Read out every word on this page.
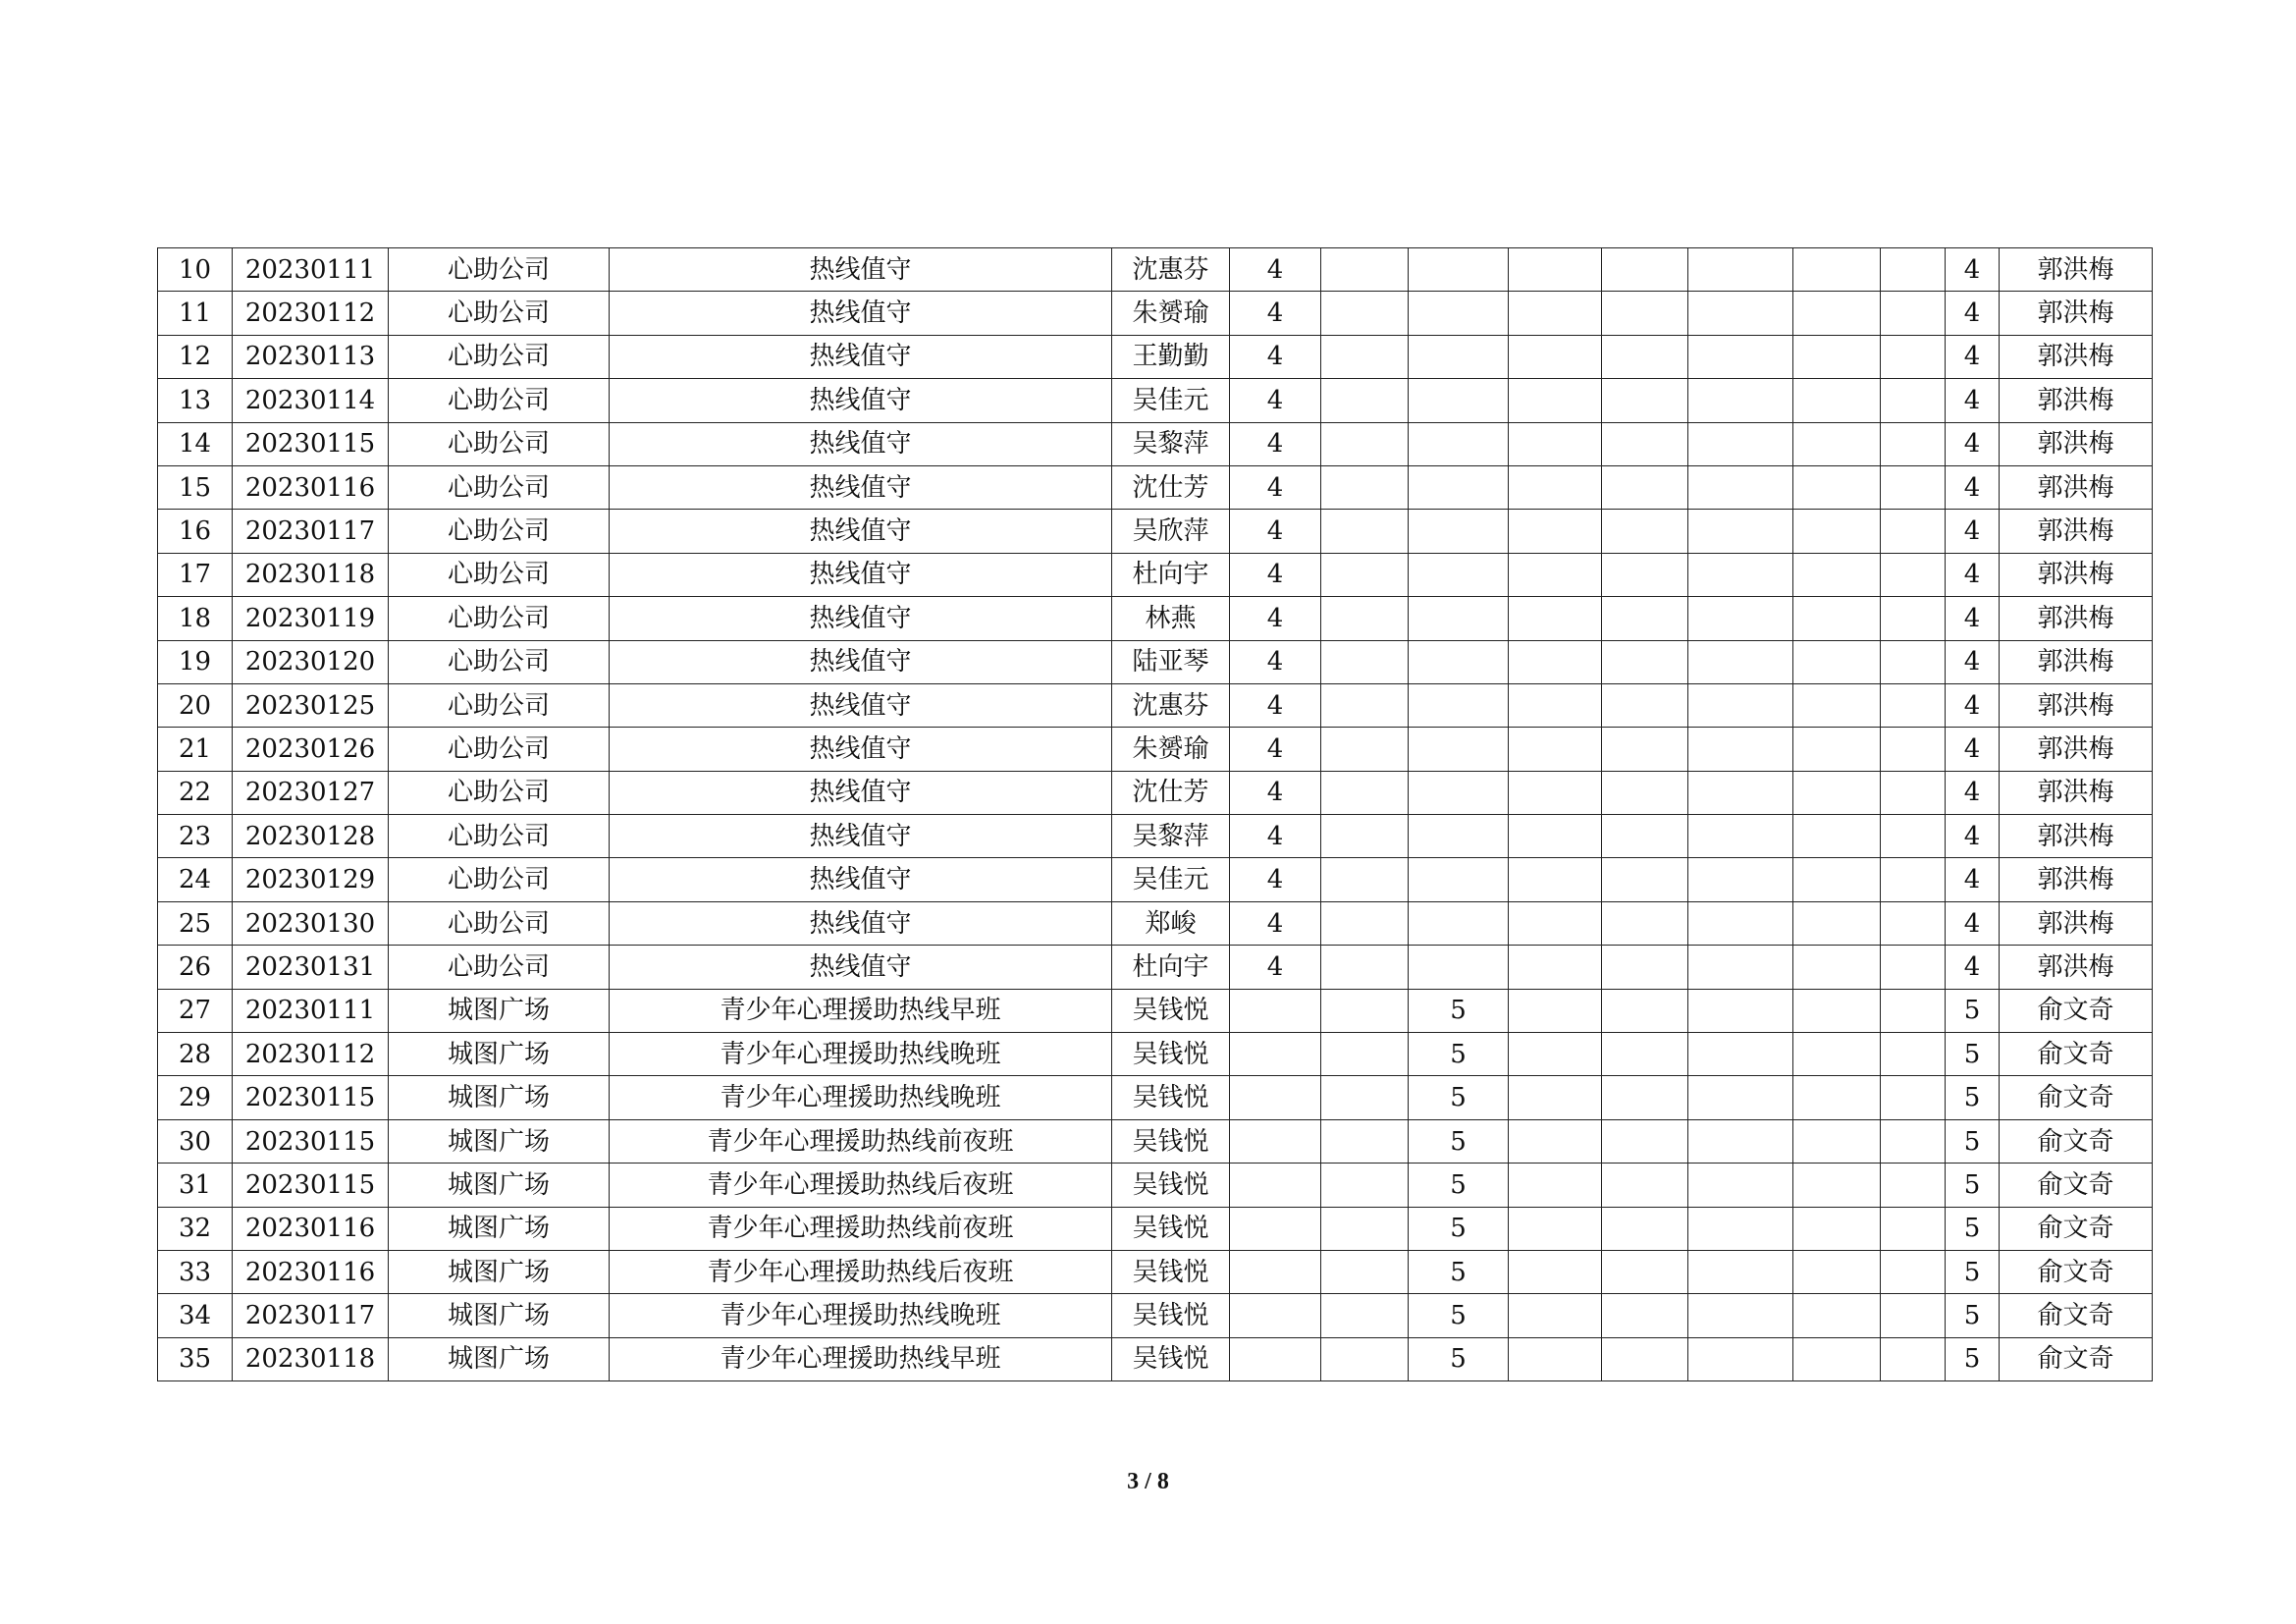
10	20230111	心助公司	热线值守	沈惠芬	4								4	郭洪梅
11	20230112	心助公司	热线值守	朱赟瑜	4								4	郭洪梅
12	20230113	心助公司	热线值守	王勤勤	4								4	郭洪梅
13	20230114	心助公司	热线值守	吴佳元	4								4	郭洪梅
14	20230115	心助公司	热线值守	吴黎萍	4								4	郭洪梅
15	20230116	心助公司	热线值守	沈仕芳	4								4	郭洪梅
16	20230117	心助公司	热线值守	吴欣萍	4								4	郭洪梅
17	20230118	心助公司	热线值守	杜向宇	4								4	郭洪梅
18	20230119	心助公司	热线值守	林燕	4								4	郭洪梅
19	20230120	心助公司	热线值守	陆亚琴	4								4	郭洪梅
20	20230125	心助公司	热线值守	沈惠芬	4								4	郭洪梅
21	20230126	心助公司	热线值守	朱赟瑜	4								4	郭洪梅
22	20230127	心助公司	热线值守	沈仕芳	4								4	郭洪梅
23	20230128	心助公司	热线值守	吴黎萍	4								4	郭洪梅
24	20230129	心助公司	热线值守	吴佳元	4								4	郭洪梅
25	20230130	心助公司	热线值守	郑峻	4								4	郭洪梅
26	20230131	心助公司	热线值守	杜向宇	4								4	郭洪梅
27	20230111	城图广场	青少年心理援助热线早班	吴钱悦			5						5	俞文奇
28	20230112	城图广场	青少年心理援助热线晚班	吴钱悦			5						5	俞文奇
29	20230115	城图广场	青少年心理援助热线晚班	吴钱悦			5						5	俞文奇
30	20230115	城图广场	青少年心理援助热线前夜班	吴钱悦			5						5	俞文奇
31	20230115	城图广场	青少年心理援助热线后夜班	吴钱悦			5						5	俞文奇
32	20230116	城图广场	青少年心理援助热线前夜班	吴钱悦			5						5	俞文奇
33	20230116	城图广场	青少年心理援助热线后夜班	吴钱悦			5						5	俞文奇
34	20230117	城图广场	青少年心理援助热线晚班	吴钱悦			5						5	俞文奇
35	20230118	城图广场	青少年心理援助热线早班	吴钱悦			5						5	俞文奇
3 / 8
